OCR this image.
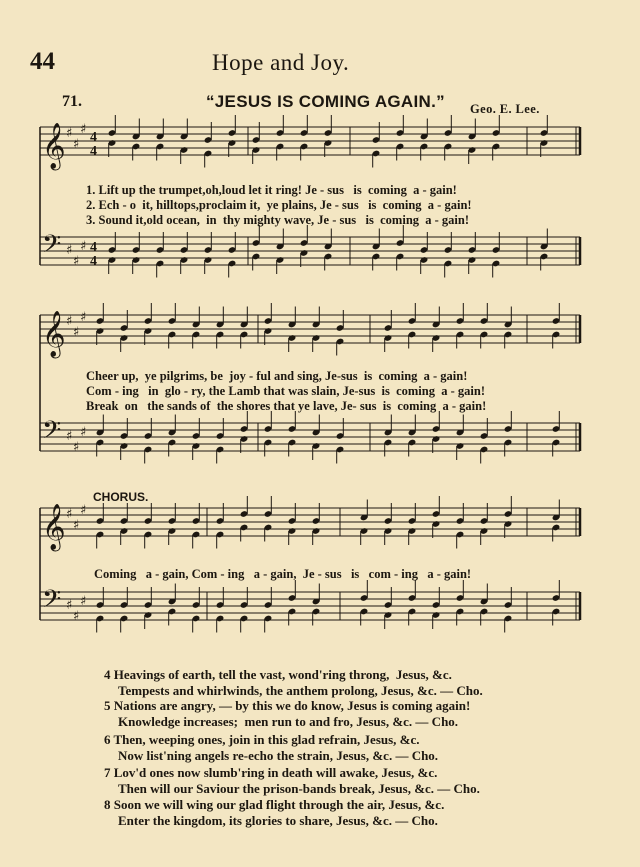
44	Hope and Joy.
71.	“JESUS IS COMING AGAIN.” Geo. E. Lee.
𝄞 ♯
♯
♯
4
4
𝄢 ♯
♯
♯ 4
4
𝄞 ♯
♯
♯
𝄢 ♯
♯
♯
𝄞 ♯
♯
♯
𝄢 ♯
♯
♯
1. Lift up the trumpet,oh,loud let it ring! Je - sus   is  coming  a - gain!
2. Ech - o  it, hilltops,proclaim it,  ye plains, Je - sus   is  coming  a - gain!
3. Sound it,old ocean,  in  thy mighty wave, Je - sus   is  coming  a - gain!
Cheer up,  ye pilgrims, be  joy - ful and sing, Je-sus  is  coming  a - gain!
Com - ing   in  glo - ry, the Lamb that was slain, Je-sus  is  coming  a - gain!
Break  on   the sands of  the shores that ye lave, Je- sus  is  coming  a - gain!
CHORUS.
Coming   a - gain, Com - ing   a - gain,  Je - sus   is   com - ing   a - gain!
4 Heavings of earth, tell the vast, wond'ring throng,  Jesus, &c.
Tempests and whirlwinds, the anthem prolong, Jesus, &c. — Cho.
5 Nations are angry, — by this we do know, Jesus is coming again!
Knowledge increases;  men run to and fro, Jesus, &c. — Cho.
6 Then, weeping ones, join in this glad refrain, Jesus, &c.
Now list'ning angels re-echo the strain, Jesus, &c. — Cho.
7 Lov'd ones now slumb'ring in death will awake, Jesus, &c.
Then will our Saviour the prison-bands break, Jesus, &c. — Cho.
8 Soon we will wing our glad flight through the air, Jesus, &c.
Enter the kingdom, its glories to share, Jesus, &c. — Cho.
